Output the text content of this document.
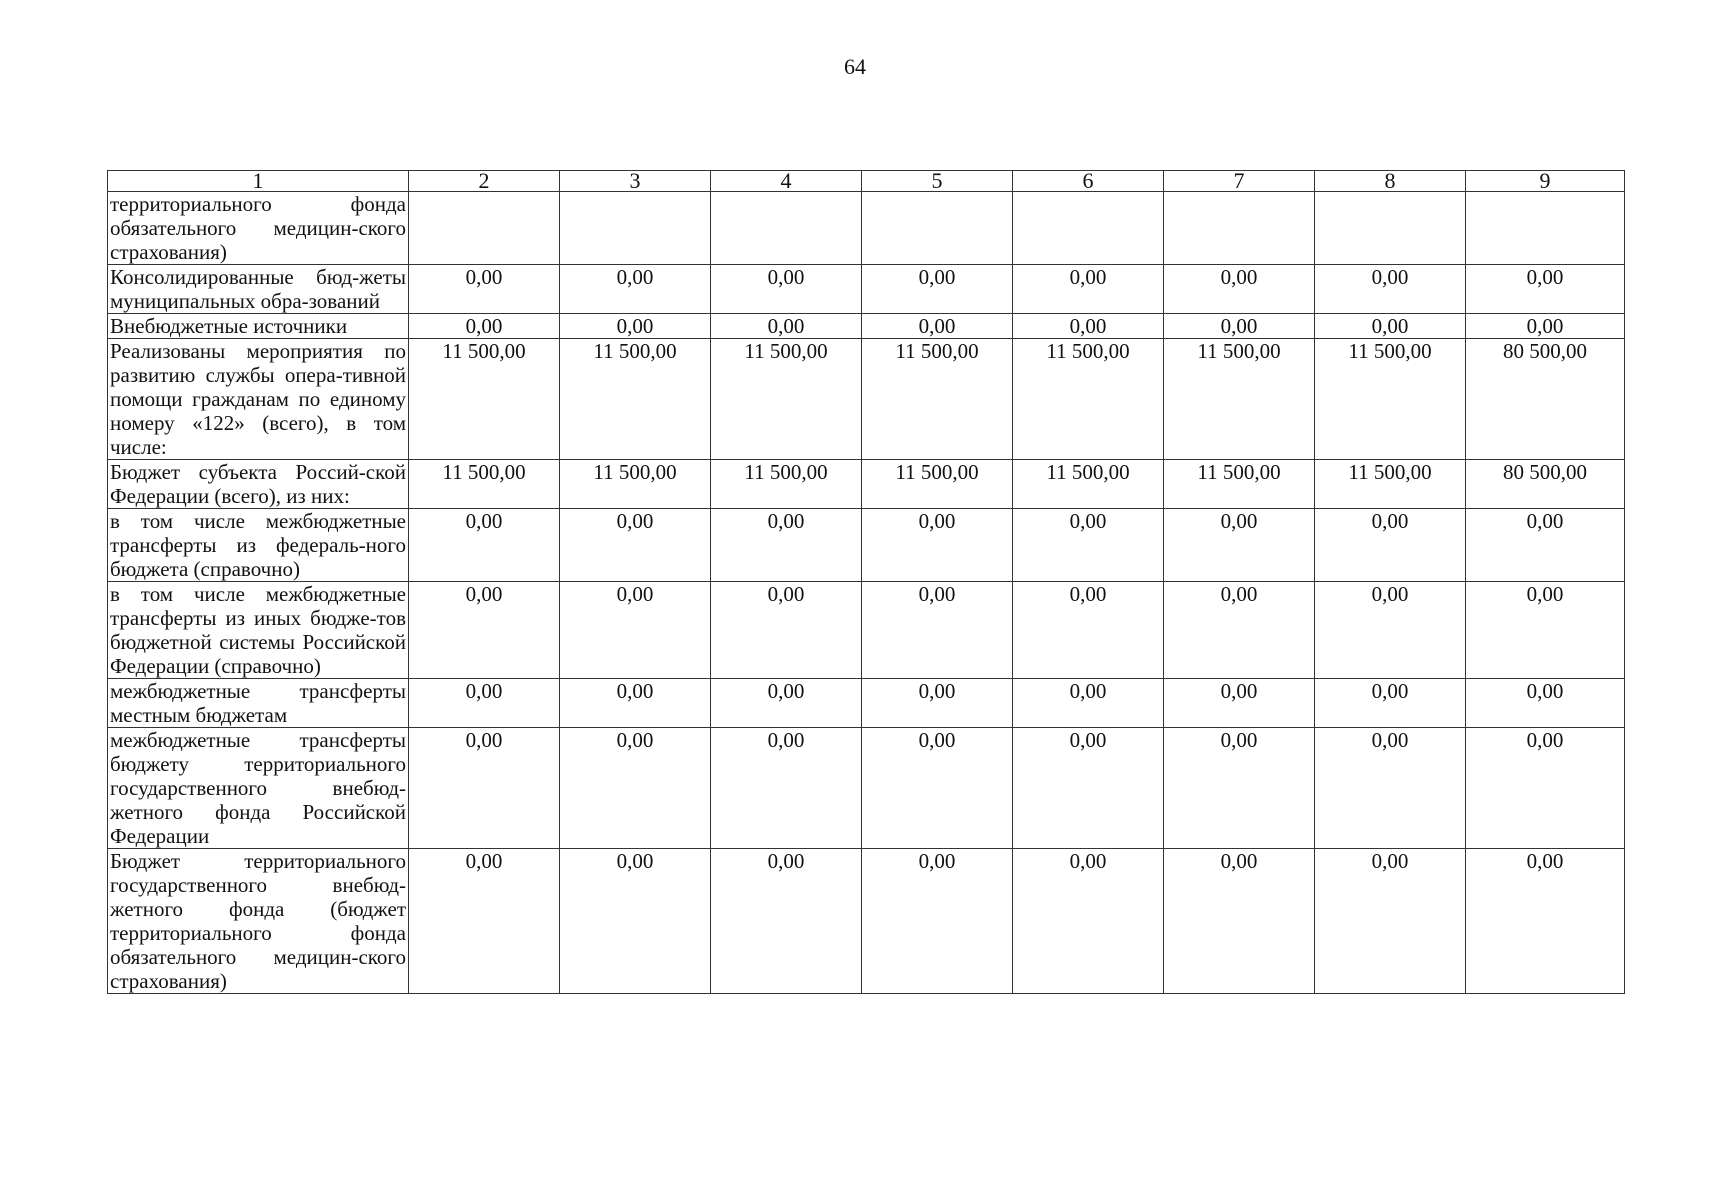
64
1	2	3	4	5	6	7	8	9
территориального фонда обязательного медицин-ского страхования)								
Консолидированные бюд-жеты муниципальных обра-зований	0,00	0,00	0,00	0,00	0,00	0,00	0,00	0,00
Внебюджетные источники	0,00	0,00	0,00	0,00	0,00	0,00	0,00	0,00
Реализованы мероприятия по развитию службы опера-тивной помощи гражданам по единому номеру «122» (всего), в том числе:	11 500,00	11 500,00	11 500,00	11 500,00	11 500,00	11 500,00	11 500,00	80 500,00
Бюджет субъекта Россий-ской Федерации (всего), из них:	11 500,00	11 500,00	11 500,00	11 500,00	11 500,00	11 500,00	11 500,00	80 500,00
в том числе межбюджетные трансферты из федераль-ного бюджета (справочно)	0,00	0,00	0,00	0,00	0,00	0,00	0,00	0,00
в том числе межбюджетные трансферты из иных бюдже-тов бюджетной системы Российской Федерации (справочно)	0,00	0,00	0,00	0,00	0,00	0,00	0,00	0,00
межбюджетные трансферты местным бюджетам	0,00	0,00	0,00	0,00	0,00	0,00	0,00	0,00
межбюджетные трансферты бюджету территориального государственного внебюд-жетного фонда Российской Федерации	0,00	0,00	0,00	0,00	0,00	0,00	0,00	0,00
Бюджет территориального государственного внебюд-жетного фонда (бюджет территориального фонда обязательного медицин-ского страхования)	0,00	0,00	0,00	0,00	0,00	0,00	0,00	0,00
